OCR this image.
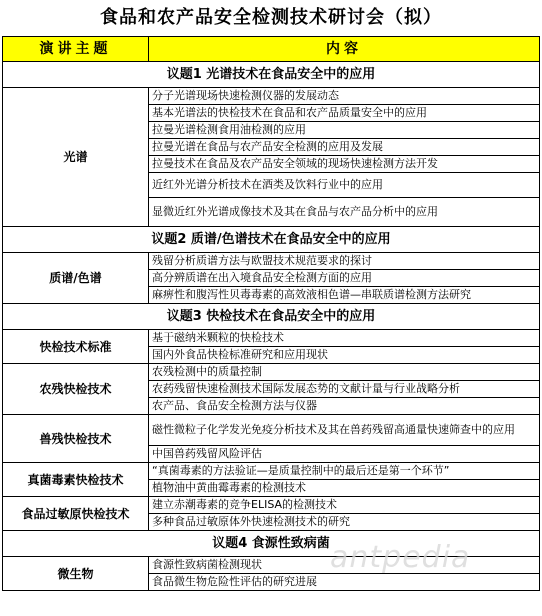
食品和农产品安全检测技术研讨会（拟）
演讲主题	内容
议题1 光谱技术在食品安全中的应用	
光谱	分子光谱现场快速检测仪器的发展动态
	基本光谱法的快检技术在食品和农产品质量安全中的应用
	拉曼光谱检测食用油检测的应用
	拉曼光谱在食品与农产品安全检测的应用及发展
	拉曼技术在食品及农产品安全领域的现场快速检测方法开发
	近红外光谱分析技术在酒类及饮料行业中的应用
	显微近红外光谱成像技术及其在食品与农产品分析中的应用
议题2 质谱/色谱技术在食品安全中的应用	
质谱/色谱	残留分析质谱方法与欧盟技术规范要求的探讨
	高分辨质谱在出入境食品安全检测方面的应用
	麻痹性和腹泻性贝毒毒素的高效液相色谱—串联质谱检测方法研究
议题3 快检技术在食品安全中的应用	
快检技术标准	基于磁纳米颗粒的快检技术
	国内外食品快检标准研究和应用现状
农残快检技术	农残检测中的质量控制
	农药残留快速检测技术国际发展态势的文献计量与行业战略分析
	农产品、食品安全检测方法与仪器
兽残快检技术	磁性微粒子化学发光免疫分析技术及其在兽药残留高通量快速筛查中的应用
	中国兽药残留风险评估
真菌毒素快检技术	“真菌毒素的方法验证—是质量控制中的最后还是第一个环节”
	植物油中黄曲霉毒素的检测技术
食品过敏原快检技术	建立赤潮毒素的竞争ELISA的检测技术
	多种食品过敏原体外快速检测技术的研究
议题4 食源性致病菌	
微生物	食源性致病菌检测现状
	食品微生物危险性评估的研究进展
antpedia
